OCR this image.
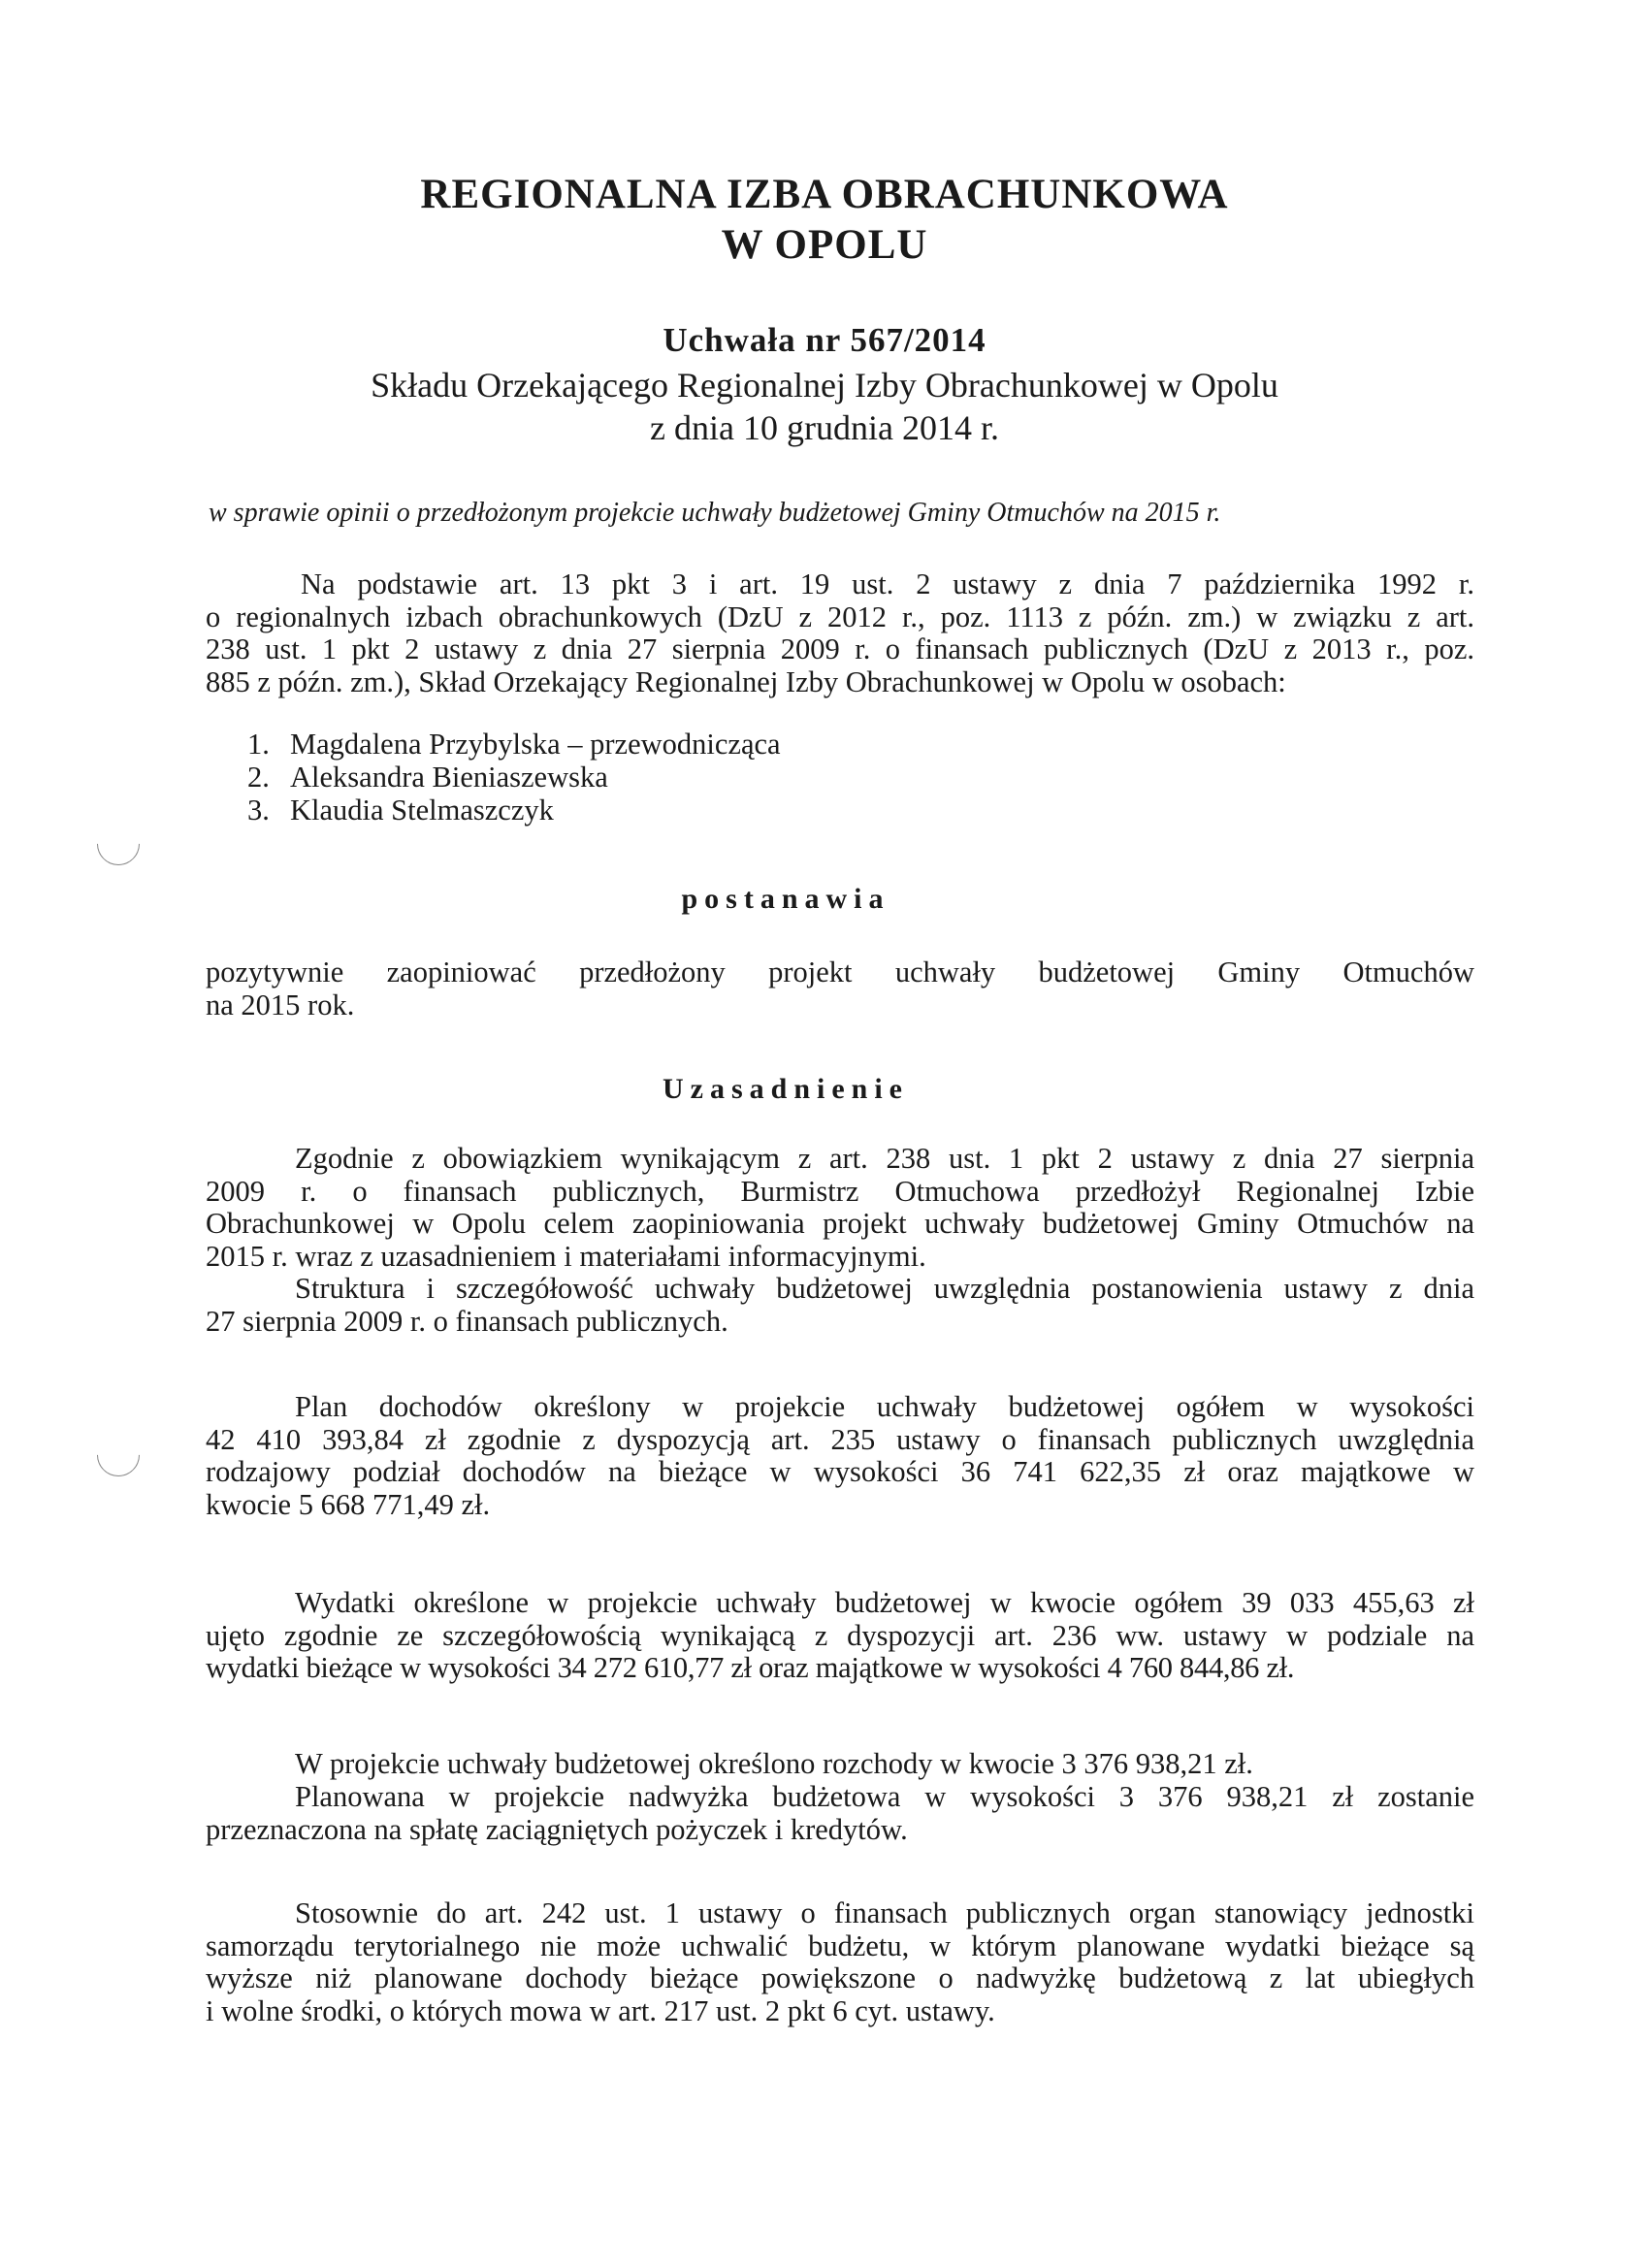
REGIONALNA IZBA OBRACHUNKOWA
W OPOLU
Uchwała nr 567/2014
Składu Orzekającego Regionalnej Izby Obrachunkowej w Opolu
z dnia 10 grudnia 2014 r.
w sprawie opinii o przedłożonym projekcie uchwały budżetowej Gminy Otmuchów na 2015 r.
Na podstawie art. 13 pkt 3 i art. 19 ust. 2 ustawy z dnia 7 października 1992 r.
o regionalnych izbach obrachunkowych (DzU z 2012 r., poz. 1113 z późn. zm.) w związku z art.
238 ust. 1 pkt 2 ustawy z dnia 27 sierpnia 2009 r. o finansach publicznych (DzU z 2013 r., poz.
885 z późn. zm.), Skład Orzekający Regionalnej Izby Obrachunkowej w Opolu w osobach:
1. Magdalena Przybylska – przewodnicząca
2. Aleksandra Bieniaszewska
3. Klaudia Stelmaszczyk
postanawia
pozytywnie zaopiniować przedłożony projekt uchwały budżetowej Gminy Otmuchów
na 2015 rok.
Uzasadnienie
Zgodnie z obowiązkiem wynikającym z art. 238 ust. 1 pkt 2 ustawy z dnia 27 sierpnia
2009 r. o finansach publicznych, Burmistrz Otmuchowa przedłożył Regionalnej Izbie
Obrachunkowej w Opolu celem zaopiniowania projekt uchwały budżetowej Gminy Otmuchów na
2015 r. wraz z uzasadnieniem i materiałami informacyjnymi.
Struktura i szczegółowość uchwały budżetowej uwzględnia postanowienia ustawy z dnia
27 sierpnia 2009 r. o finansach publicznych.
Plan dochodów określony w projekcie uchwały budżetowej ogółem w wysokości
42 410 393,84 zł zgodnie z dyspozycją art. 235 ustawy o finansach publicznych uwzględnia
rodzajowy podział dochodów na bieżące w wysokości 36 741 622,35 zł oraz majątkowe w
kwocie 5 668 771,49 zł.
Wydatki określone w projekcie uchwały budżetowej w kwocie ogółem 39 033 455,63 zł
ujęto zgodnie ze szczegółowością wynikającą z dyspozycji art. 236 ww. ustawy w podziale na
wydatki bieżące w wysokości 34 272 610,77 zł oraz majątkowe w wysokości 4 760 844,86 zł.
W projekcie uchwały budżetowej określono rozchody w kwocie 3 376 938,21 zł.
Planowana w projekcie nadwyżka budżetowa w wysokości 3 376 938,21 zł zostanie
przeznaczona na spłatę zaciągniętych pożyczek i kredytów.
Stosownie do art. 242 ust. 1 ustawy o finansach publicznych organ stanowiący jednostki
samorządu terytorialnego nie może uchwalić budżetu, w którym planowane wydatki bieżące są
wyższe niż planowane dochody bieżące powiększone o nadwyżkę budżetową z lat ubiegłych
i wolne środki, o których mowa w art. 217 ust. 2 pkt 6 cyt. ustawy.
